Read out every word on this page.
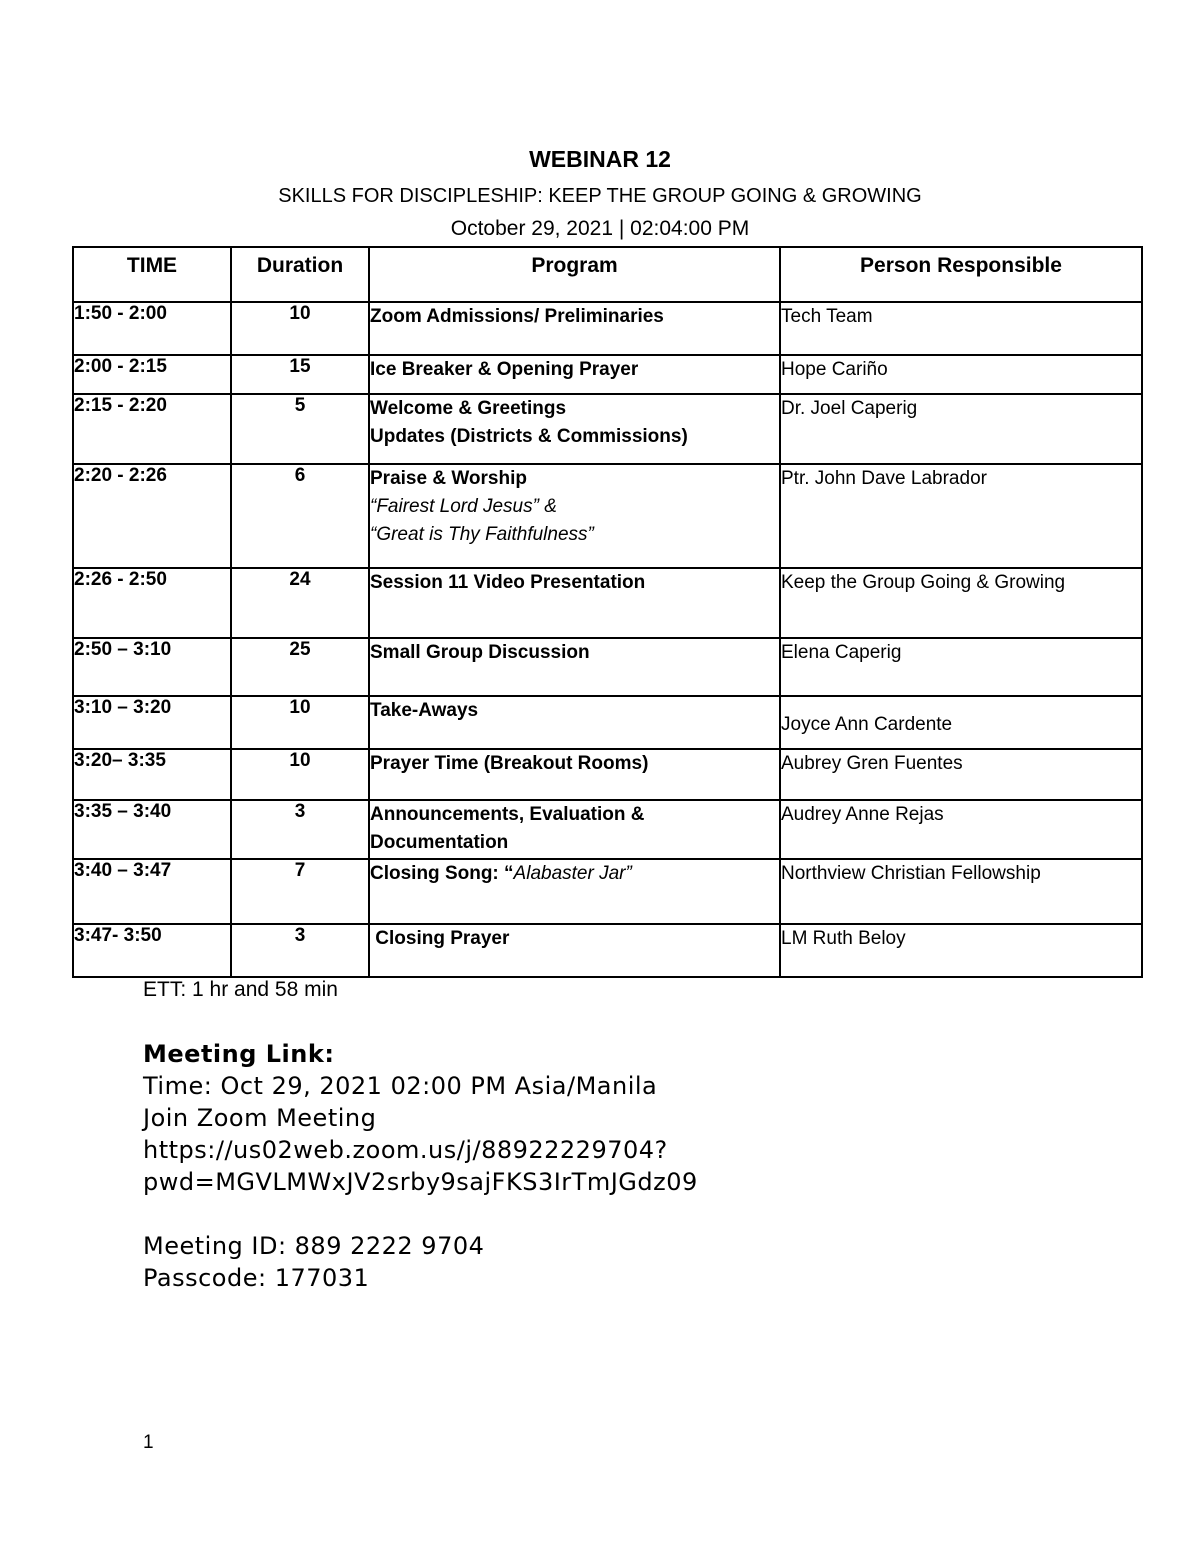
WEBINAR 12
SKILLS FOR DISCIPLESHIP: KEEP THE GROUP GOING & GROWING
October 29, 2021 | 02:04:00 PM
TIME	Duration	Program	Person Responsible
1:50 - 2:00	10	Zoom Admissions/ Preliminaries	Tech Team
2:00 - 2:15	15	Ice Breaker & Opening Prayer	Hope Cariño
2:15 - 2:20	5	Welcome & Greetings
Updates (Districts & Commissions)	Dr. Joel Caperig
2:20 - 2:26	6	Praise & Worship
“Fairest Lord Jesus” &
“Great is Thy Faithfulness”	Ptr. John Dave Labrador
2:26 - 2:50	24	Session 11 Video Presentation	Keep the Group Going & Growing
2:50 – 3:10	25	Small Group Discussion	Elena Caperig
3:10 – 3:20	10	Take-Aways	Joyce Ann Cardente

3:20– 3:35	10	Prayer Time (Breakout Rooms)	Aubrey Gren Fuentes
3:35 – 3:40	3	Announcements, Evaluation &
Documentation	Audrey Anne Rejas
3:40 – 3:47	7	Closing Song: “Alabaster Jar”	Northview Christian Fellowship
3:47- 3:50	3	Closing Prayer	LM Ruth Beloy
ETT: 1 hr and 58 min
Meeting Link:
Time: Oct 29, 2021 02:00 PM Asia/Manila
Join Zoom Meeting
https://us02web.zoom.us/j/88922229704?
pwd=MGVLMWxJV2srby9sajFKS3IrTmJGdz09
Meeting ID: 889 2222 9704
Passcode: 177031
1
